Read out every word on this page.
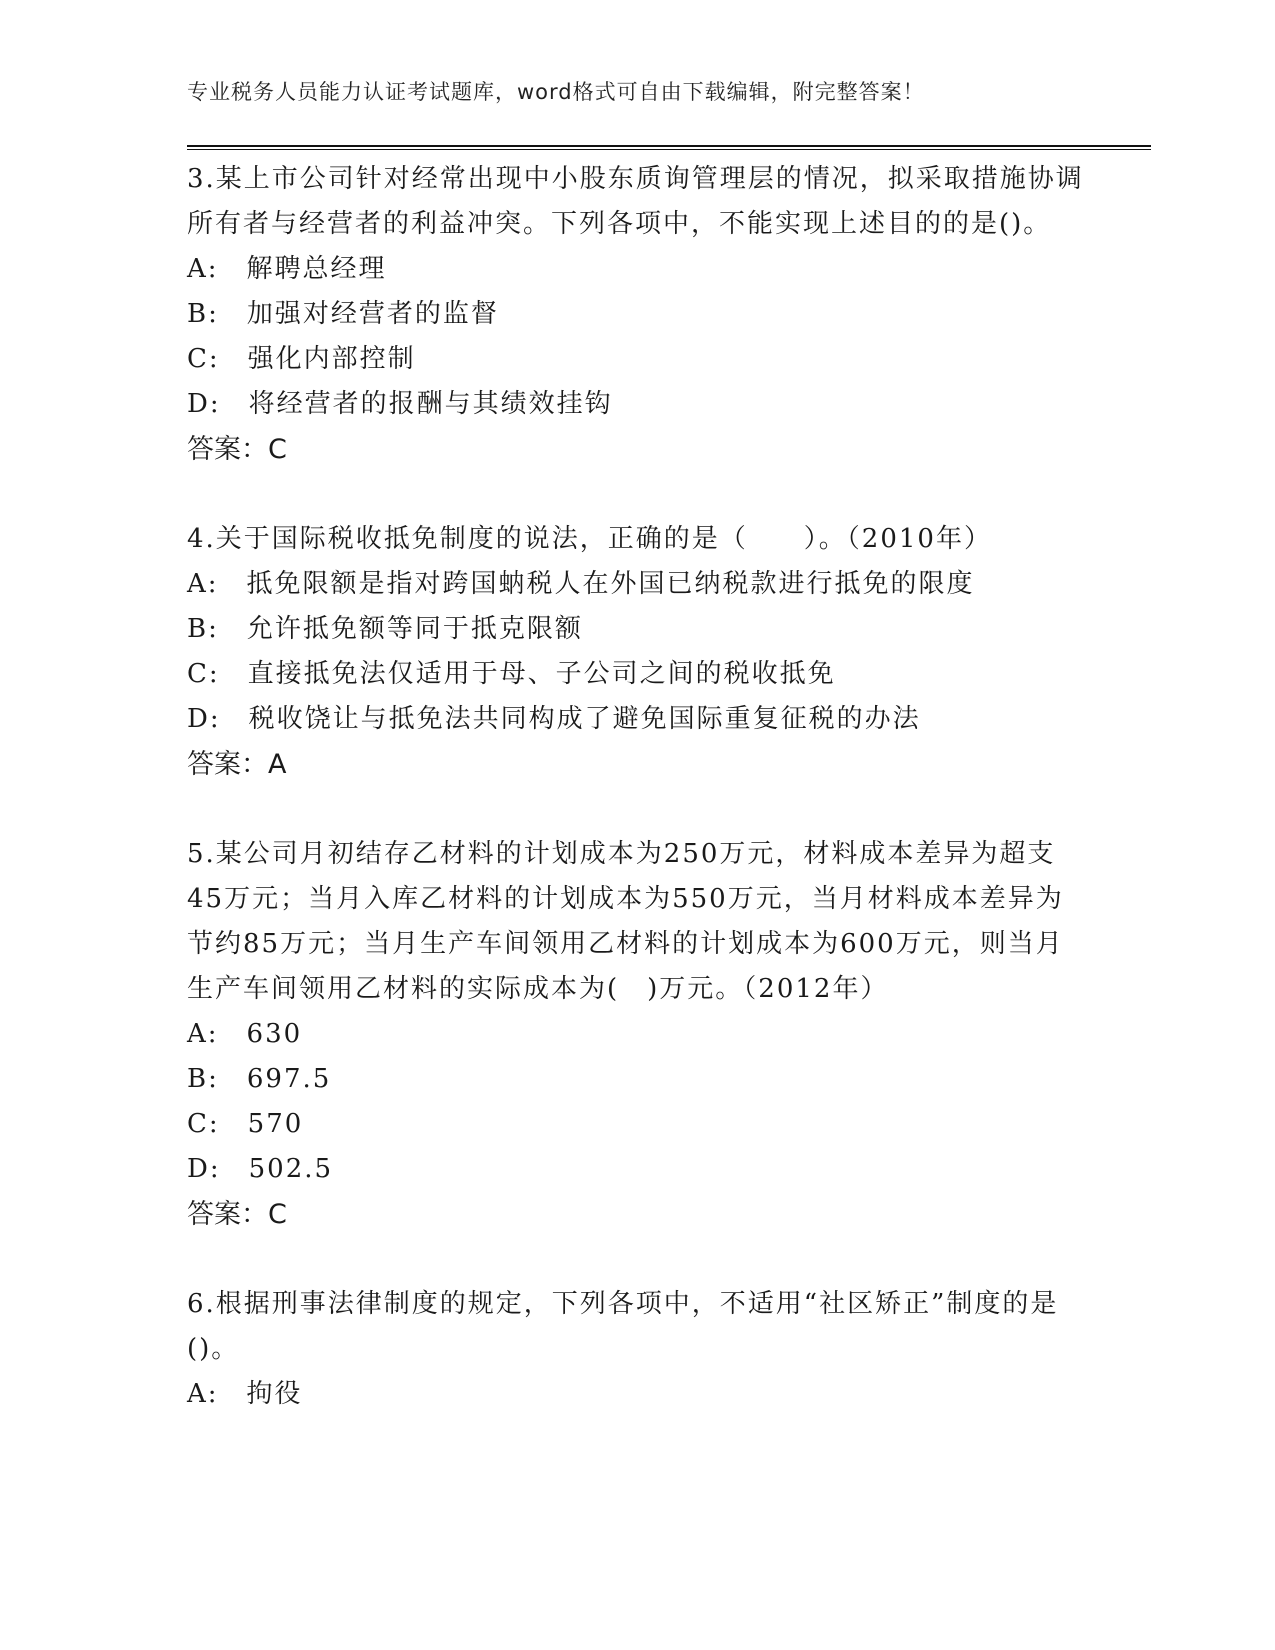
专业税务人员能力认证考试题库，word格式可自由下载编辑，附完整答案！

3.某上市公司针对经常出现中小股东质询管理层的情况，拟采取措施协调所有者与经营者的利益冲突。下列各项中，不能实现上述目的的是()。

A:　解聘总经理

B:　加强对经营者的监督

C:　强化内部控制

D:　将经营者的报酬与其绩效挂钩

答案：C

4.关于国际税收抵免制度的说法，正确的是（　　）。（2010年）

A:　抵免限额是指对跨国蚋税人在外国已纳税款进行抵免的限度

B:　允许抵免额等同于抵克限额

C:　直接抵免法仅适用于母、子公司之间的税收抵免

D:　税收饶让与抵免法共同构成了避免国际重复征税的办法

答案：A

5.某公司月初结存乙材料的计划成本为250万元，材料成本差异为超支45万元；当月入库乙材料的计划成本为550万元，当月材料成本差异为节约85万元；当月生产车间领用乙材料的计划成本为600万元，则当月生产车间领用乙材料的实际成本为(　)万元。（2012年）

A:　630

B:　697.5

C:　570

D:　502.5

答案：C

6.根据刑事法律制度的规定，下列各项中，不适用“社区矫正”制度的是()。

A:　拘役
